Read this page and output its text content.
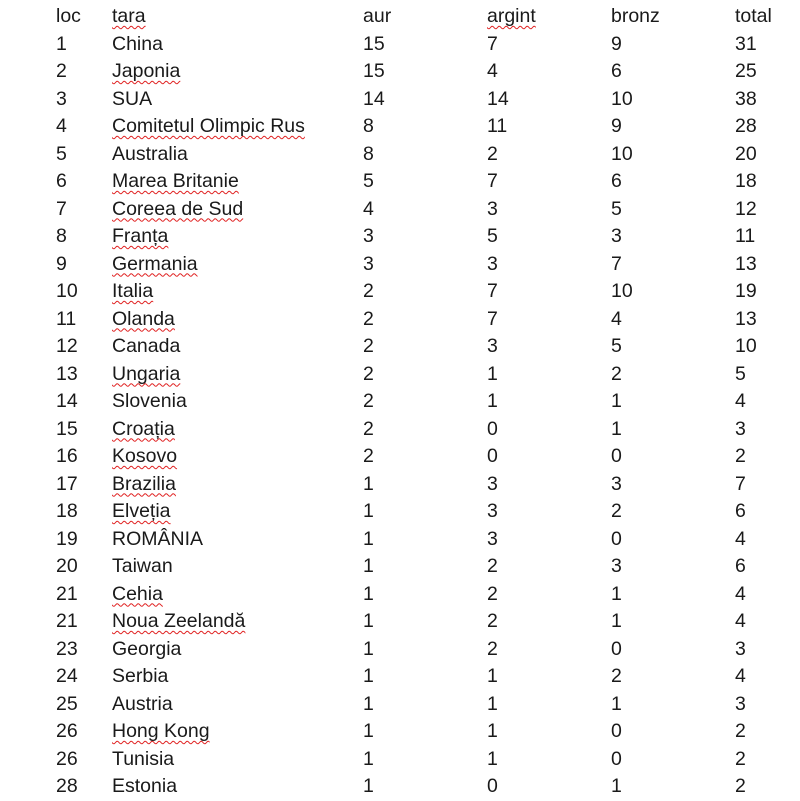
loc	tara	aur	argint	bronz	total
1	China	15	7	9	31
2	Japonia	15	4	6	25
3	SUA	14	14	10	38
4	Comitetul Olimpic Rus	8	11	9	28
5	Australia	8	2	10	20
6	Marea Britanie	5	7	6	18
7	Coreea de Sud	4	3	5	12
8	Franța	3	5	3	11
9	Germania	3	3	7	13
10	Italia	2	7	10	19
11	Olanda	2	7	4	13
12	Canada	2	3	5	10
13	Ungaria	2	1	2	5
14	Slovenia	2	1	1	4
15	Croația	2	0	1	3
16	Kosovo	2	0	0	2
17	Brazilia	1	3	3	7
18	Elveția	1	3	2	6
19	ROMÂNIA	1	3	0	4
20	Taiwan	1	2	3	6
21	Cehia	1	2	1	4
21	Noua Zeelandă	1	2	1	4
23	Georgia	1	2	0	3
24	Serbia	1	1	2	4
25	Austria	1	1	1	3
26	Hong Kong	1	1	0	2
26	Tunisia	1	1	0	2
28	Estonia	1	0	1	2
